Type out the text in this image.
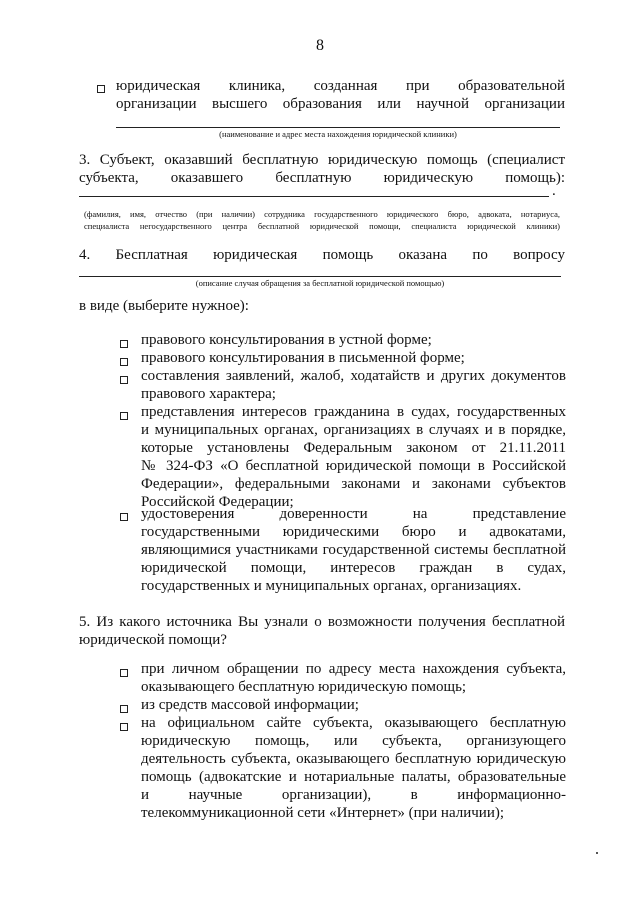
8
юридическая клиника, созданная при образовательной
организации высшего образования или научной организации
(наименование и адрес места нахождения юридической клиники)
3. Субъект, оказавший бесплатную юридическую помощь (специалист
субъекта, оказавшего бесплатную юридическую помощь):
.
(фамилия, имя, отчество (при наличии) сотрудника государственного юридического бюро, адвоката, нотариуса,
специалиста негосударственного центра бесплатной юридической помощи, специалиста юридической клиники)
4. Бесплатная юридическая помощь оказана по вопросу
(описание случая обращения за бесплатной юридической помощью)
в виде (выберите нужное):
правового консультирования в устной форме;
правового консультирования в письменной форме;
составления заявлений, жалоб, ходатайств и других документов
правового характера;
представления интересов гражданина в судах, государственных
и муниципальных органах, организациях в случаях и в порядке,
которые установлены Федеральным законом от 21.11.2011
№ 324-ФЗ «О бесплатной юридической помощи в Российской
Федерации», федеральными законами и законами субъектов
Российской Федерации;
удостоверения доверенности на представление
государственными юридическими бюро и адвокатами,
являющимися участниками государственной системы бесплатной
юридической помощи, интересов граждан в судах,
государственных и муниципальных органах, организациях.
5. Из какого источника Вы узнали о возможности получения бесплатной
юридической помощи?
при личном обращении по адресу места нахождения субъекта,
оказывающего бесплатную юридическую помощь;
из средств массовой информации;
на официальном сайте субъекта, оказывающего бесплатную
юридическую помощь, или субъекта, организующего
деятельность субъекта, оказывающего бесплатную юридическую
помощь (адвокатские и нотариальные палаты, образовательные
и научные организации), в информационно-
телекоммуникационной сети «Интернет» (при наличии);
